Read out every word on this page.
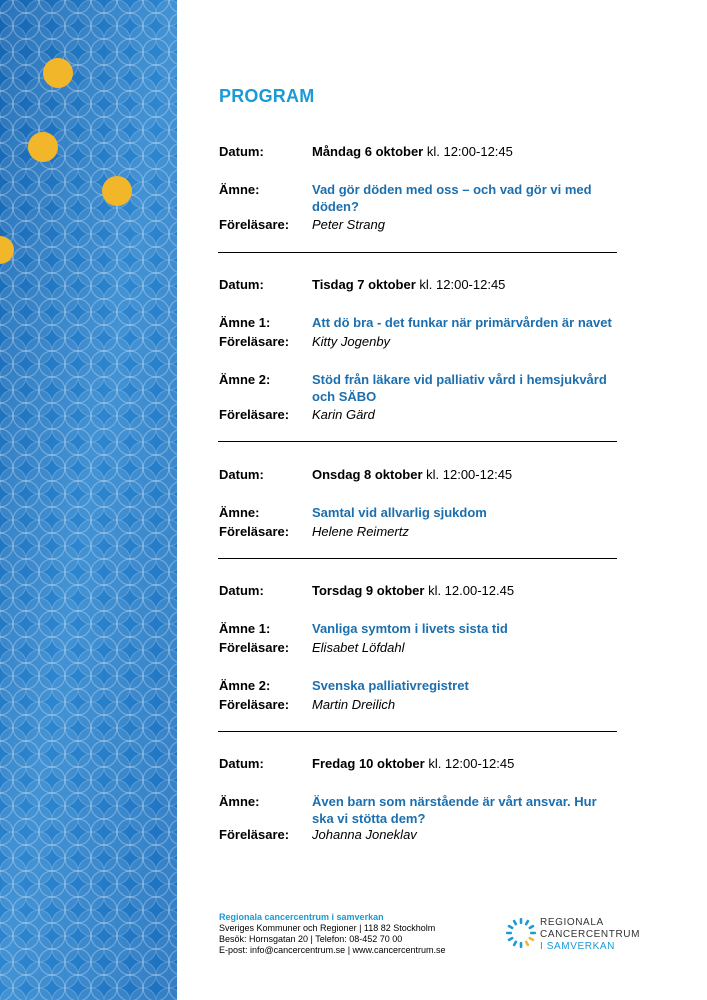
PROGRAM
Datum:	Måndag 6 oktober kl. 12:00-12:45
Ämne:	Vad gör döden med oss – och vad gör vi med döden?
Föreläsare:	Peter Strang
Datum:	Tisdag 7 oktober kl. 12:00-12:45
Ämne 1:	Att dö bra - det funkar när primärvården är navet
Föreläsare:	Kitty Jogenby
Ämne 2:	Stöd från läkare vid palliativ vård i hemsjukvård och SÄBO
Föreläsare:	Karin Gärd
Datum:	Onsdag 8 oktober kl. 12:00-12:45
Ämne:	Samtal vid allvarlig sjukdom
Föreläsare:	Helene Reimertz
Datum:	Torsdag 9 oktober kl. 12.00-12.45
Ämne 1:	Vanliga symtom i livets sista tid
Föreläsare:	Elisabet Löfdahl
Ämne 2:	Svenska palliativregistret
Föreläsare:	Martin Dreilich
Datum:	Fredag 10 oktober kl. 12:00-12:45
Ämne:	Även barn som närstående är vårt ansvar. Hur ska vi stötta dem?
Föreläsare:	Johanna Joneklav
Regionala cancercentrum i samverkan
Sveriges Kommuner och Regioner | 118 82 Stockholm
Besök: Hornsgatan 20 | Telefon: 08-452 70 00
E-post: info@cancercentrum.se | www.cancercentrum.se
REGIONALA
CANCERCENTRUM
I SAMVERKAN
